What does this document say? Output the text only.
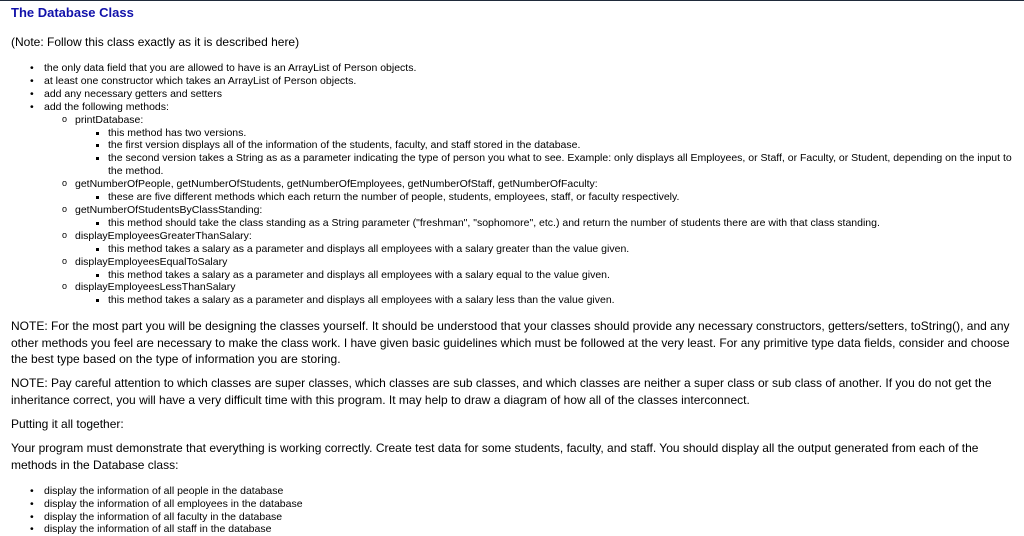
The Database Class
(Note: Follow this class exactly as it is described here)
• the only data field that you are allowed to have is an ArrayList of Person objects.
• at least one constructor which takes an ArrayList of Person objects.
• add any necessary getters and setters
• add the following methods:
o printDatabase:
this method has two versions.
the first version displays all of the information of the students, faculty, and staff stored in the database.
the second version takes a String as as a parameter indicating the type of person you what to see. Example: only displays all Employees, or Staff, or Faculty, or Student, depending on the input to the method.
o getNumberOfPeople, getNumberOfStudents, getNumberOfEmployees, getNumberOfStaff, getNumberOfFaculty:
these are five different methods which each return the number of people, students, employees, staff, or faculty respectively.
o getNumberOfStudentsByClassStanding:
this method should take the class standing as a String parameter ("freshman", "sophomore", etc.) and return the number of students there are with that class standing.
o displayEmployeesGreaterThanSalary:
this method takes a salary as a parameter and displays all employees with a salary greater than the value given.
o displayEmployeesEqualToSalary
this method takes a salary as a parameter and displays all employees with a salary equal to the value given.
o displayEmployeesLessThanSalary
this method takes a salary as a parameter and displays all employees with a salary less than the value given.

NOTE: For the most part you will be designing the classes yourself. It should be understood that your classes should provide any necessary constructors, getters/setters, toString(), and any other methods you feel are necessary to make the class work. I have given basic guidelines which must be followed at the very least. For any primitive type data fields, consider and choose the best type based on the type of information you are storing.

NOTE: Pay careful attention to which classes are super classes, which classes are sub classes, and which classes are neither a super class or sub class of another. If you do not get the inheritance correct, you will have a very difficult time with this program. It may help to draw a diagram of how all of the classes interconnect.

Putting it all together:

Your program must demonstrate that everything is working correctly. Create test data for some students, faculty, and staff. You should display all the output generated from each of the methods in the Database class:

• display the information of all people in the database
• display the information of all employees in the database
• display the information of all faculty in the database
• display the information of all staff in the database
